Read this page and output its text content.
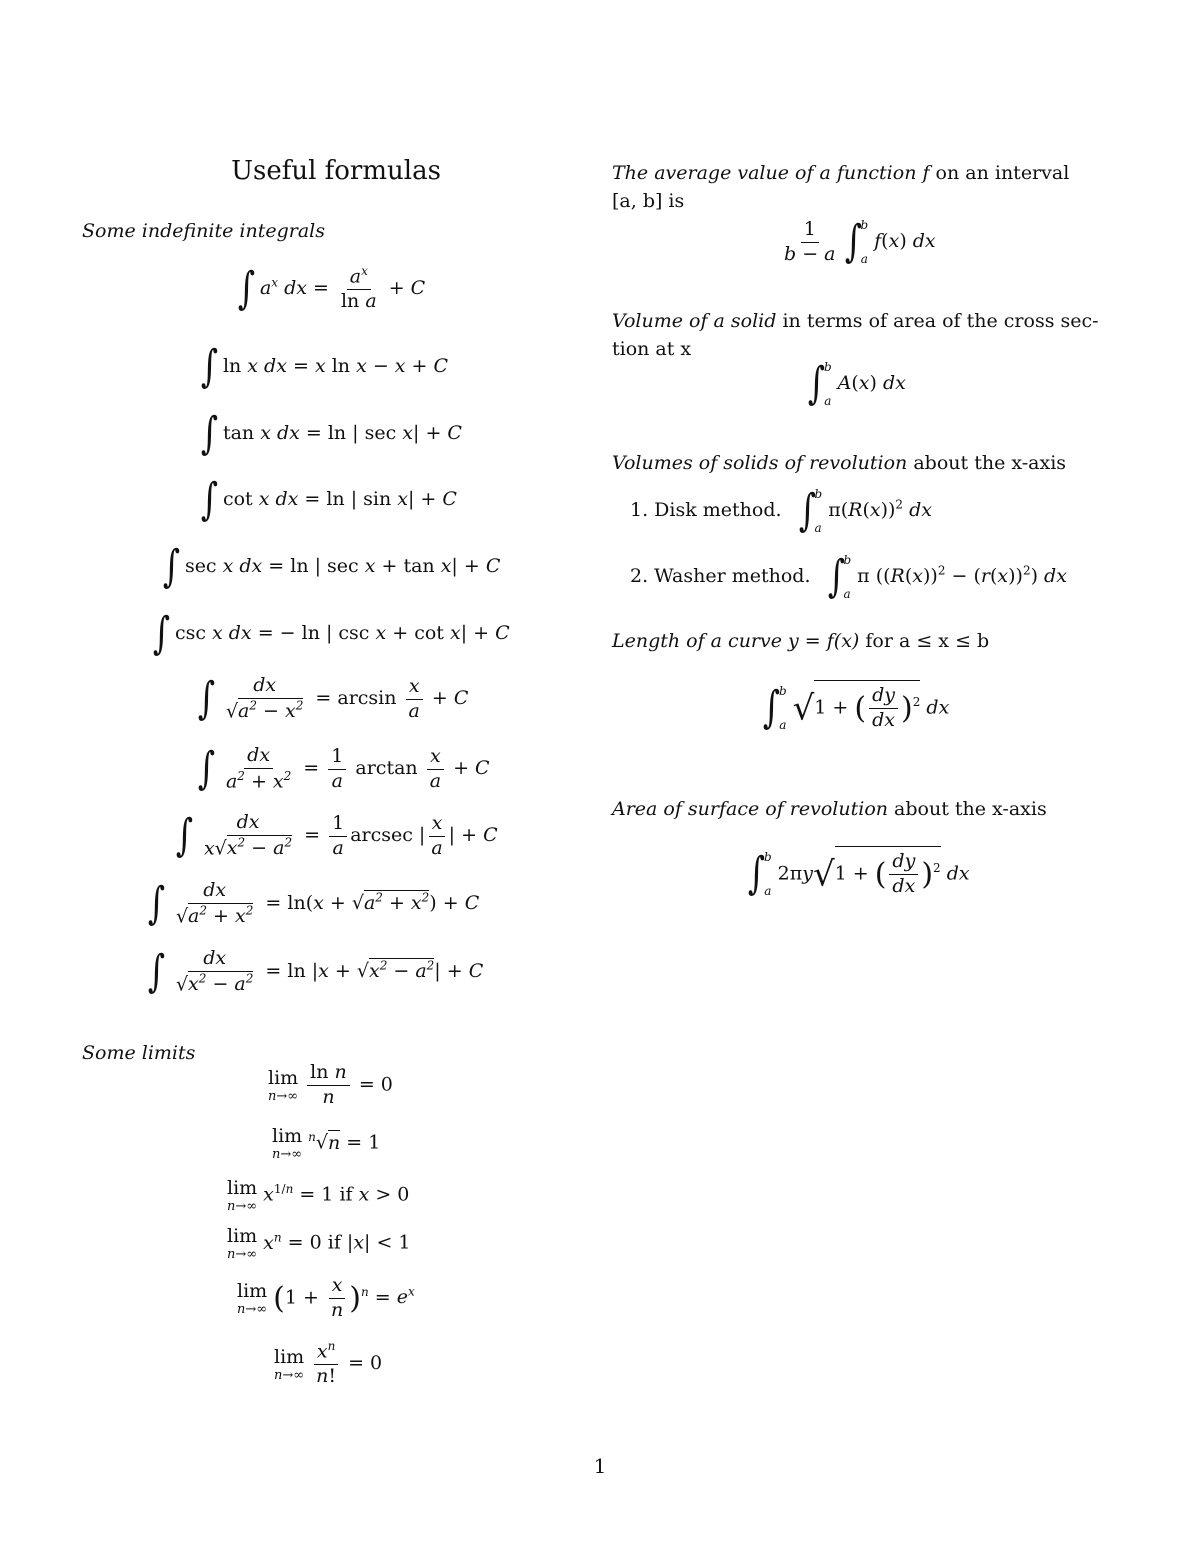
Useful formulas
Some indefinite integrals
∫ $a^x$ dx = $\frac{a^x}{\text{ln a}} + C$
∫ ln x dx = x ln x − x + C
∫ tan x dx = ln | sec x| + C
∫ cot x dx = ln | sin x| + C
∫ sec x dx = ln | sec x + tan x| + C
∫ csc x dx = − ln | csc x + cot x| + C
∫ $\frac{dx}{√a^2 - x^2} = \arcsin \frac{x}{a} + C$
∫ $\frac{dx}{a^2 + x^2} = \frac{1}{a}$ $\arctan \frac{x}{a} + C$
∫ $\frac{dx}{x√x^2 - a^2} = \frac{1}{a}$ arcsec | $\frac{x}{a}$ | + C
∫ $\frac{dx}{√a^2 + x^2} = \ln(x + √a^2 + x^2) + C$
∫ $\frac{dx}{√x^2 - a^2} = \ln |x + √x^2 - a^2| + C$
Some limits
lim
$n\to\infty \frac{\text{ln n}}{n} = 0$
lim
n→∞
$^n$√n = 1
lim
n→∞
$x^{1/n} = 1$ if x > 0
lim
n→∞
$x^n = 0$ if |x| < 1
lim
n→∞ $(1 + \frac{x}{n} )^n = e^x$
lim
$n\to\infty \frac{x^n}{n!} = 0$
The average value of a function f on an interval
[a, b] is
$\frac{1}{b - a}$ ∫
b
a
f(x) dx
Volume of a solid in terms of area of the cross sec-
tion at x
∫
b
a
A(x) dx
Volumes of solids of revolution about the x-axis
1. Disk method. ∫
b
a
$\pi(R(x))^2$ dx
2. Washer method. ∫
b
a
π $((R(x))^2 - (r(x))^2)$ dx
Length of a curve y = f(x) for a ≤ x ≤ b
∫
b
a √1 + ( $\frac{dy}{dx} )^2$ dx
Area of surface of revolution about the x-axis
∫
b
a
2πy√1 + ( $\frac{dy}{dx} )^2$ dx
1
